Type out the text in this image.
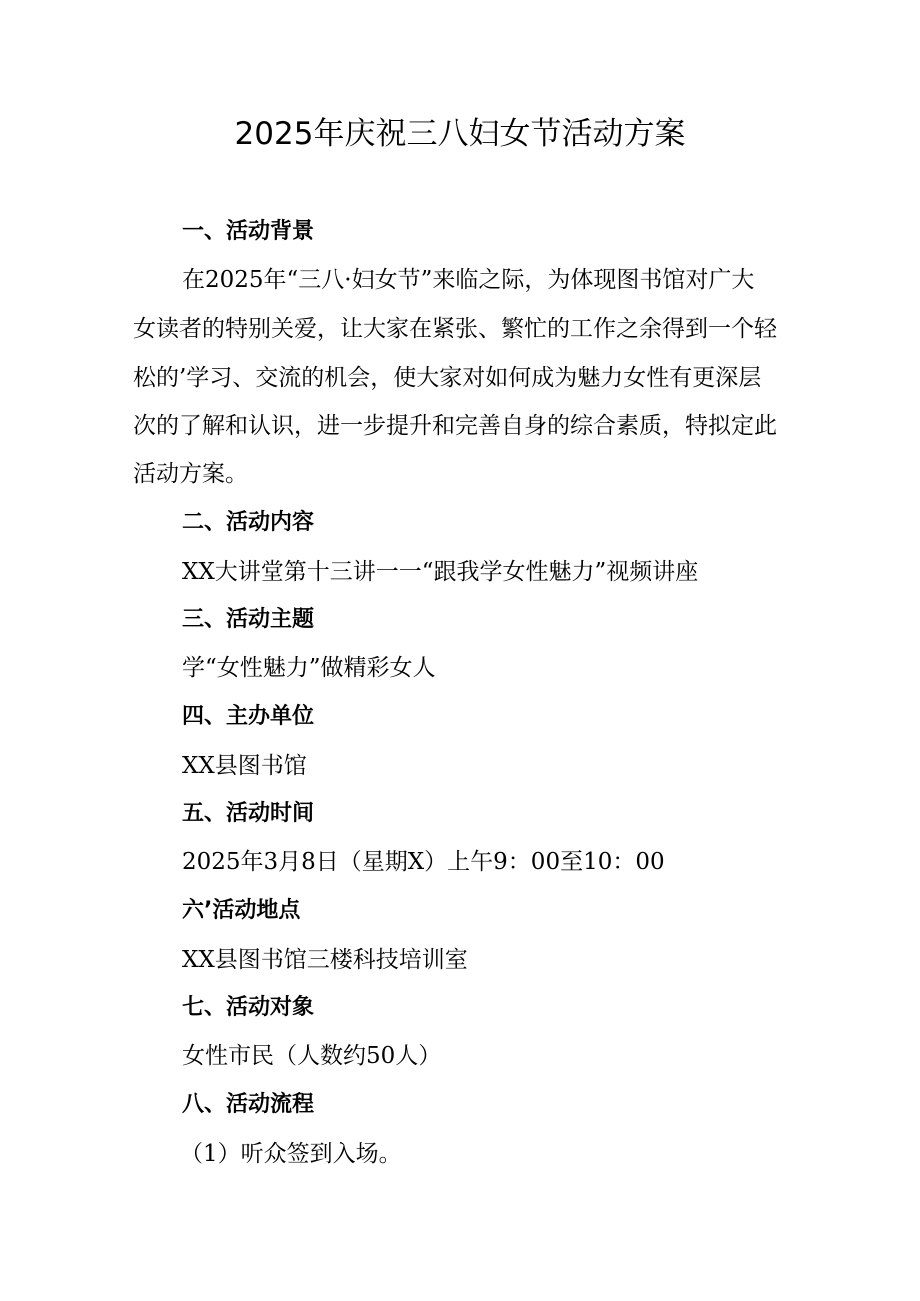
2025年庆祝三八妇女节活动方案
一、活动背景
在2025年“三八·妇女节”来临之际，为体现图书馆对广大
女读者的特别关爱，让大家在紧张、繁忙的工作之余得到一个轻
松的’学习、交流的机会，使大家对如何成为魅力女性有更深层
次的了解和认识，进一步提升和完善自身的综合素质，特拟定此
活动方案。
二、活动内容
XX大讲堂第十三讲一一“跟我学女性魅力”视频讲座
三、活动主题
学“女性魅力”做精彩女人
四、主办单位
XX县图书馆
五、活动时间
2025年3月8日（星期X）上午9：00至10：00
六’活动地点
XX县图书馆三楼科技培训室
七、活动对象
女性市民（人数约50人）
八、活动流程
（1）听众签到入场。
